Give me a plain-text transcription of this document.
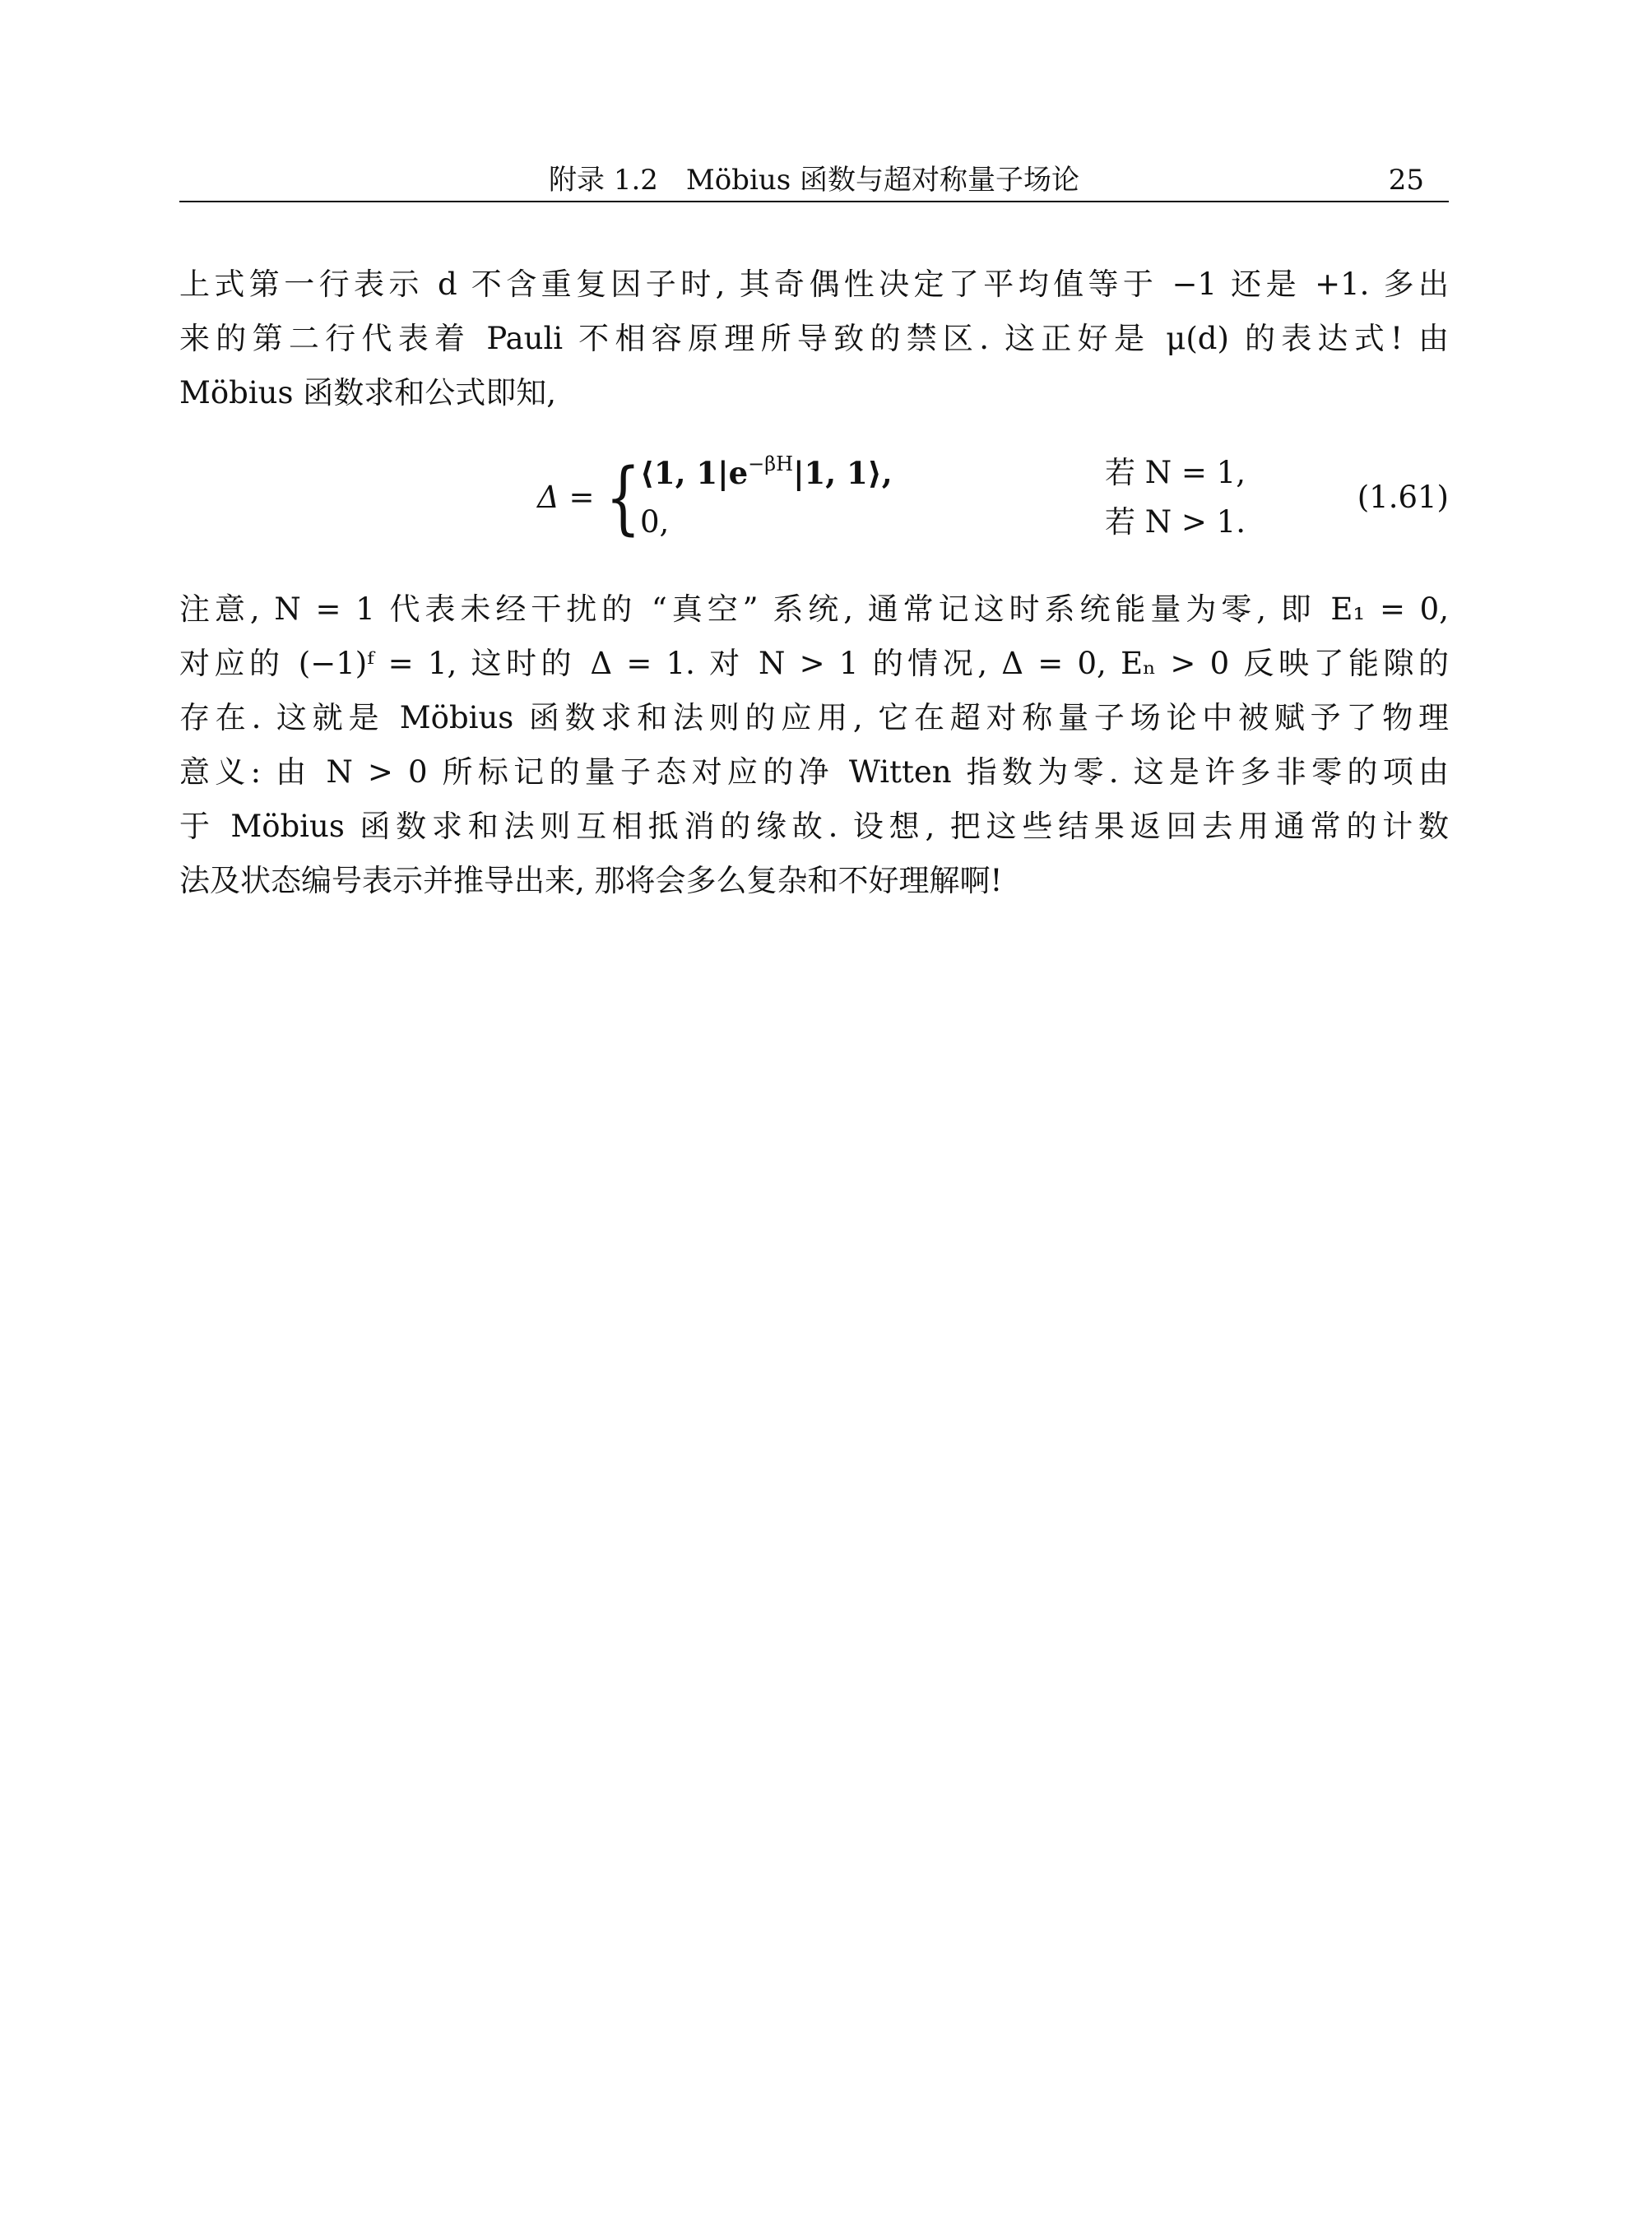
附录 1.2　Möbius 函数与超对称量子场论	25

上式第一行表示 d 不含重复因子时, 其奇偶性决定了平均值等于 −1 还是 +1. 多出
来的第二行代表着 Pauli 不相容原理所导致的禁区. 这正好是 μ(d) 的表达式! 由
Möbius 函数求和公式即知,

Δ = { ⟨1, $1|e^{-\beta H}|1$, 1⟩,	若 N = 1,
0,	若 N > 1.
(1.61)

注意, N = 1 代表未经干扰的 “真空” 系统, 通常记这时系统能量为零, 即 E₁ = 0,
对应的 (−1)ᶠ = 1, 这时的 Δ = 1. 对 N > 1 的情况, Δ = 0, Eₙ > 0 反映了能隙的
存在. 这就是 Möbius 函数求和法则的应用, 它在超对称量子场论中被赋予了物理
意义: 由 N > 0 所标记的量子态对应的净 Witten 指数为零. 这是许多非零的项由
于 Möbius 函数求和法则互相抵消的缘故. 设想, 把这些结果返回去用通常的计数
法及状态编号表示并推导出来, 那将会多么复杂和不好理解啊!
